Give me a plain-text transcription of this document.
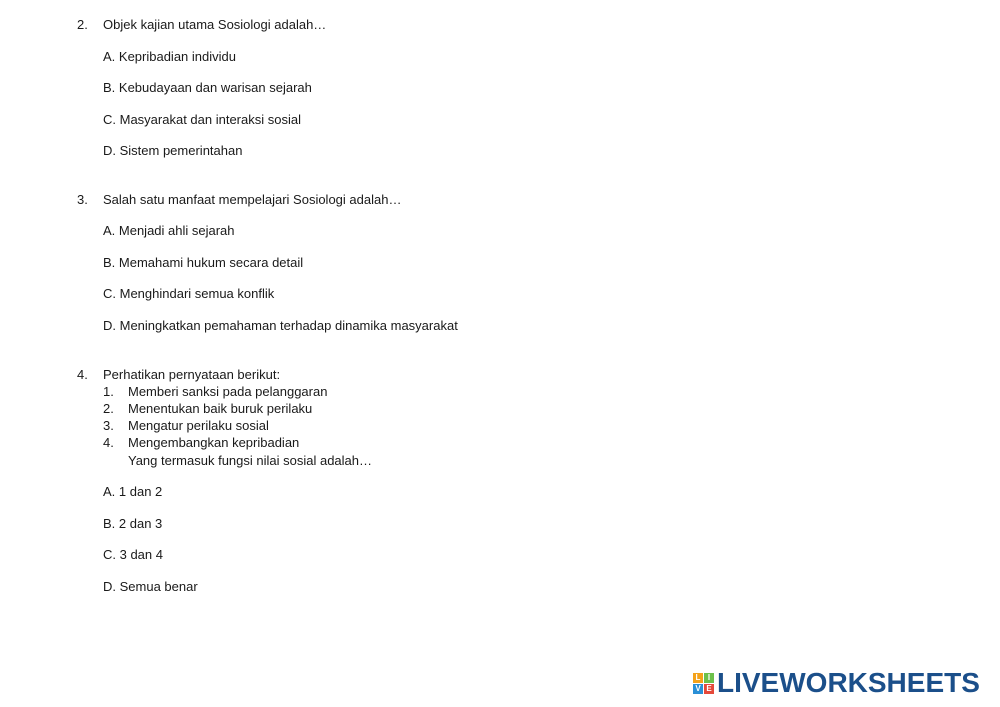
2. Objek kajian utama Sosiologi adalah…
A. Kepribadian individu
B. Kebudayaan dan warisan sejarah
C. Masyarakat dan interaksi sosial
D. Sistem pemerintahan
3. Salah satu manfaat mempelajari Sosiologi adalah…
A. Menjadi ahli sejarah
B. Memahami hukum secara detail
C. Menghindari semua konflik
D. Meningkatkan pemahaman terhadap dinamika masyarakat
4. Perhatikan pernyataan berikut:
1. Memberi sanksi pada pelanggaran
2. Menentukan baik buruk perilaku
3. Mengatur perilaku sosial
4. Mengembangkan kepribadian
Yang termasuk fungsi nilai sosial adalah…
A. 1 dan 2
B. 2 dan 3
C. 3 dan 4
D. Semua benar
L I
V E LIVEWORKSHEETS
